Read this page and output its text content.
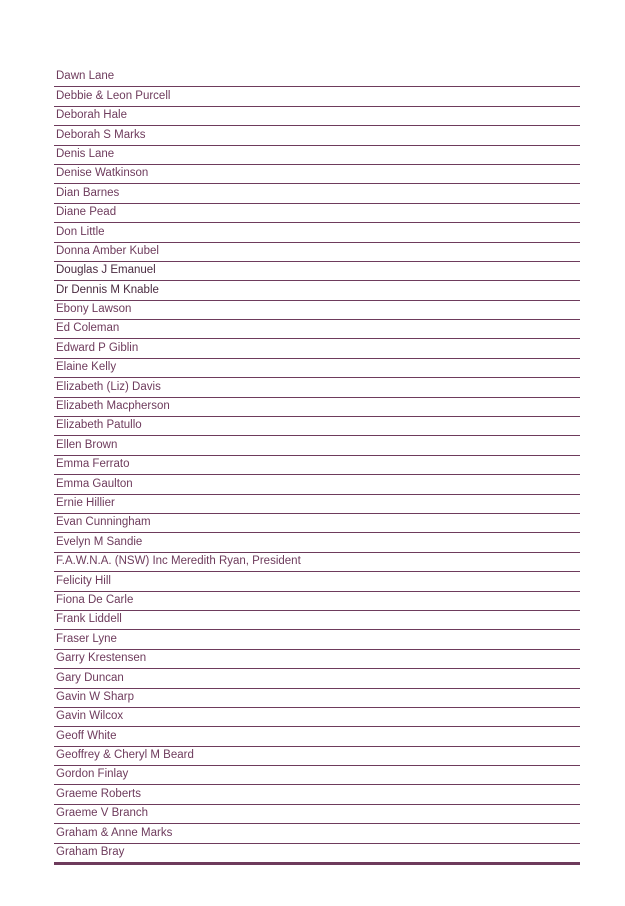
Dawn Lane
Debbie & Leon Purcell
Deborah Hale
Deborah S Marks
Denis Lane
Denise Watkinson
Dian Barnes
Diane Pead
Don Little
Donna Amber Kubel
Douglas J Emanuel
Dr Dennis M Knable
Ebony Lawson
Ed Coleman
Edward P Giblin
Elaine Kelly
Elizabeth (Liz) Davis
Elizabeth Macpherson
Elizabeth Patullo
Ellen Brown
Emma Ferrato
Emma Gaulton
Ernie Hillier
Evan Cunningham
Evelyn M Sandie
F.A.W.N.A. (NSW) Inc Meredith Ryan, President
Felicity Hill
Fiona De Carle
Frank Liddell
Fraser Lyne
Garry Krestensen
Gary Duncan
Gavin W Sharp
Gavin Wilcox
Geoff White
Geoffrey & Cheryl M Beard
Gordon Finlay
Graeme Roberts
Graeme V Branch
Graham & Anne Marks
Graham Bray
